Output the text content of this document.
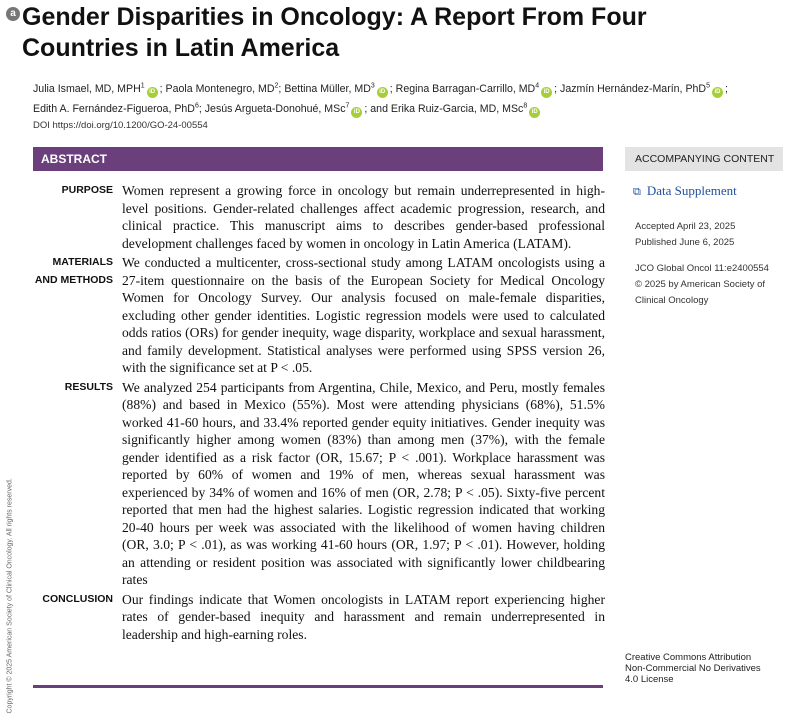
Copyright © 2025 American Society of Clinical Oncology. All rights reserved.
a Gender Disparities in Oncology: A Report From Four Countries in Latin America
Julia Ismael, MD, MPH$^1$iD ; Paola Montenegro, $MD^2$; Bettina Müller, $MD^3iD$ ; Regina Barragan-Carrillo, $MD^4iD$ ; Jazmín Hernández-Marín, PhD$^5$iD ; Edith A. Fernández-Figueroa, PhD$^6$; Jesús Argueta-Donohué, MSc$^7$iD ; and Erika Ruiz-Garcia, MD, MSc$^8$iD
DOI https://doi.org/10.1200/GO-24-00554
ABSTRACT
PURPOSE Women represent a growing force in oncology but remain underrepresented in high-level positions. Gender-related challenges affect academic progression, research, and clinical practice. This manuscript aims to describes gender-based professional development challenges faced by women in oncology in Latin America (LATAM).
MATERIALS
AND METHODS
We conducted a multicenter, cross-sectional study among LATAM oncologists using a 27-item questionnaire on the basis of the European Society for Medical Oncology Women for Oncology Survey. Our analysis focused on male-female disparities, excluding other gender identities. Logistic regression models were used to calculated odds ratios (ORs) for gender inequity, wage disparity, workplace and sexual harassment, and family development. Statistical analyses were performed using SPSS version 26, with the significance set at P < .05.
RESULTS We analyzed 254 participants from Argentina, Chile, Mexico, and Peru, mostly females (88%) and based in Mexico (55%). Most were attending physicians (68%), 51.5% worked 41-60 hours, and 33.4% reported gender equity initiatives. Gender inequity was significantly higher among women (83%) than among men (37%), with the female gender identified as a risk factor (OR, 15.67; P < .001). Workplace harassment was reported by 60% of women and 19% of men, whereas sexual harassment was experienced by 34% of women and 16% of men (OR, 2.78; P < .05). Sixty-five percent reported that men had the highest salaries. Logistic regression indicated that working 20-40 hours per week was associated with the likelihood of women having children (OR, 3.0; P < .01), as was working 41-60 hours (OR, 1.97; P < .01). However, holding an attending or resident position was associated with significantly lower childbearing rates
CONCLUSION Our findings indicate that Women oncologists in LATAM report experiencing higher rates of gender-based inequity and harassment and remain underrepresented in leadership and high-earning roles.
ACCOMPANYING CONTENT
⧉ Data Supplement
Accepted April 23, 2025
Published June 6, 2025
JCO Global Oncol 11:e2400554
© 2025 by American Society of
Clinical Oncology
Creative Commons Attribution
Non-Commercial No Derivatives
4.0 License
